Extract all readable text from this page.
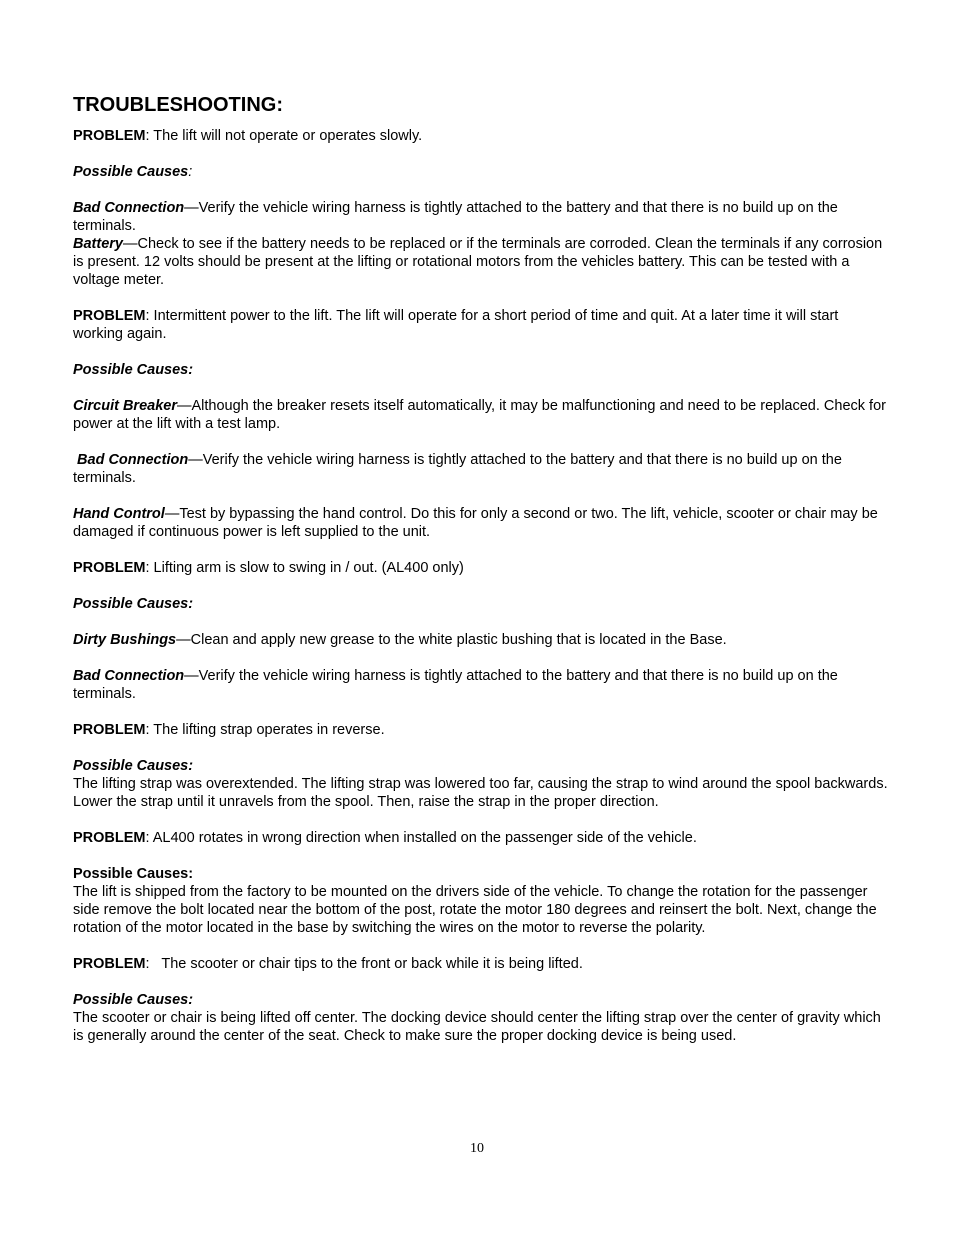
TROUBLESHOOTING:

PROBLEM: The lift will not operate or operates slowly.

Possible Causes:

Bad Connection—Verify the vehicle wiring harness is tightly attached to the battery and that there is no build up on the terminals.

Battery—Check to see if the battery needs to be replaced or if the terminals are corroded. Clean the terminals if any corrosion is present. 12 volts should be present at the lifting or rotational motors from the vehicles battery. This can be tested with a voltage meter.

PROBLEM: Intermittent power to the lift. The lift will operate for a short period of time and quit. At a later time it will start working again.

Possible Causes:

Circuit Breaker—Although the breaker resets itself automatically, it may be malfunctioning and need to be replaced. Check for power at the lift with a test lamp.

Bad Connection—Verify the vehicle wiring harness is tightly attached to the battery and that there is no build up on the terminals.

Hand Control—Test by bypassing the hand control. Do this for only a second or two. The lift, vehicle, scooter or chair may be damaged if continuous power is left supplied to the unit.

PROBLEM: Lifting arm is slow to swing in / out. (AL400 only)

Possible Causes:

Dirty Bushings—Clean and apply new grease to the white plastic bushing that is located in the Base.

Bad Connection—Verify the vehicle wiring harness is tightly attached to the battery and that there is no build up on the terminals.

PROBLEM: The lifting strap operates in reverse.

Possible Causes:

The lifting strap was overextended. The lifting strap was lowered too far, causing the strap to wind around the spool backwards. Lower the strap until it unravels from the spool. Then, raise the strap in the proper direction.

PROBLEM: AL400 rotates in wrong direction when installed on the passenger side of the vehicle.

Possible Causes:

The lift is shipped from the factory to be mounted on the drivers side of the vehicle. To change the rotation for the passenger side remove the bolt located near the bottom of the post, rotate the motor 180 degrees and reinsert the bolt. Next, change the rotation of the motor located in the base by switching the wires on the motor to reverse the polarity.

PROBLEM:   The scooter or chair tips to the front or back while it is being lifted.

Possible Causes:

The scooter or chair is being lifted off center. The docking device should center the lifting strap over the center of gravity which is generally around the center of the seat. Check to make sure the proper docking device is being used.

10
